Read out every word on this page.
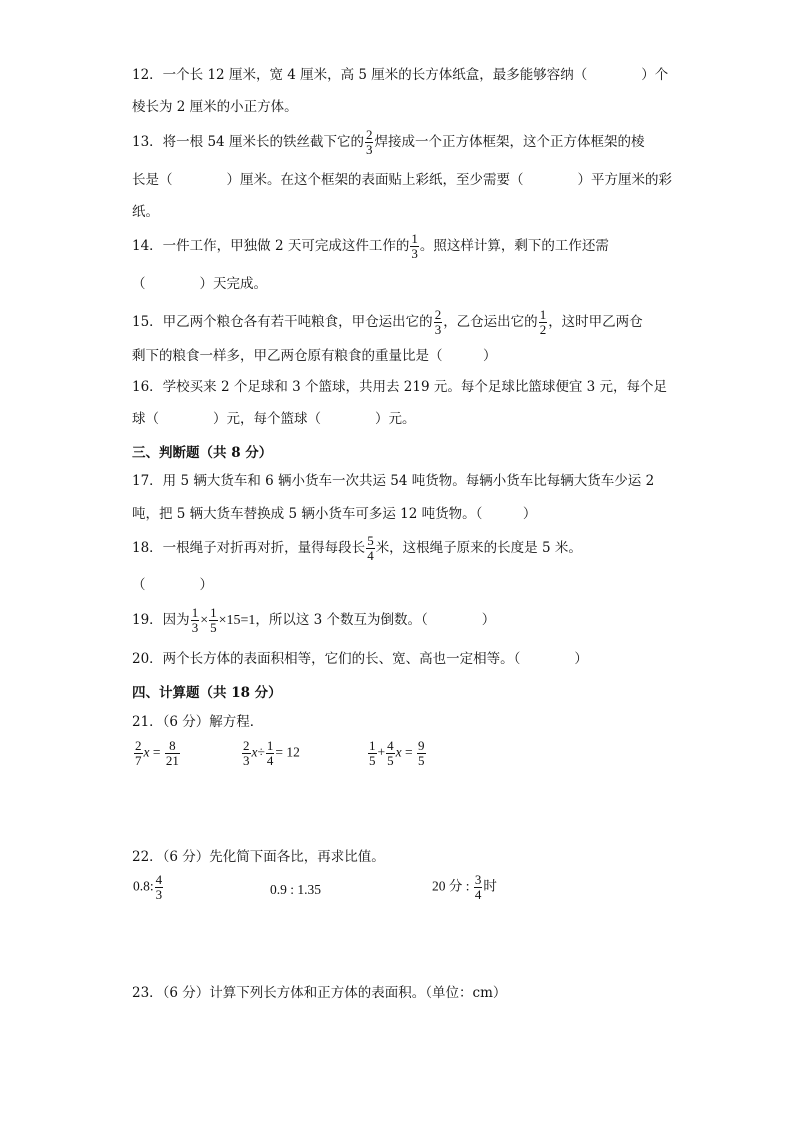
12．一个长 12 厘米，宽 4 厘米，高 5 厘米的长方体纸盒，最多能够容纳（　　　　）个
棱长为 2 厘米的小正方体。
13．将一根 54 厘米长的铁丝截下它的 $\frac{2}{3}$ 焊接成一个正方体框架，这个正方体框架的棱
长是（　　　　）厘米。在这个框架的表面贴上彩纸，至少需要（　　　　）平方厘米的彩
纸。
14．一件工作，甲独做 2 天可完成这件工作的 $\frac{1}{3}$ 。照这样计算，剩下的工作还需
（　　　　）天完成。
15．甲乙两个粮仓各有若干吨粮食，甲仓运出它的 $\frac{2}{3}$ ，乙仓运出它的 $\frac{1}{2}$ ，这时甲乙两仓
剩下的粮食一样多，甲乙两仓原有粮食的重量比是（　　　）
16．学校买来 2 个足球和 3 个篮球，共用去 219 元。每个足球比篮球便宜 3 元，每个足
球（　　　　）元，每个篮球（　　　　）元。
三、判断题（共 8 分）
17．用 5 辆大货车和 6 辆小货车一次共运 54 吨货物。每辆小货车比每辆大货车少运 2
吨，把 5 辆大货车替换成 5 辆小货车可多运 12 吨货物。（　　　）
18．一根绳子对折再对折，量得每段长 $\frac{5}{4}$ 米，这根绳子原来的长度是 5 米。
（　　　　）
19．因为 $\frac{1}{3} \times \frac{1}{5} \times 15=1$，所以这 3 个数互为倒数。（　　　　）
20．两个长方体的表面积相等，它们的长、宽、高也一定相等。（　　　　）
四、计算题（共 18 分）
21．（6 分）解方程．
$\frac{2}{7}$ $x = \frac{8}{21}$	$\frac{2}{3} x\div \frac{1}{4} = 12$	$\frac{1}{5} + \frac{4}{5}$ $x = \frac{9}{5}$
22．（6 分）先化简下面各比，再求比值。
0.8: $\frac{4}{3}$	0.9 : 1.35	20 分 : $\frac{3}{4}$ 时
23．（6 分）计算下列长方体和正方体的表面积。（单位：cm）
